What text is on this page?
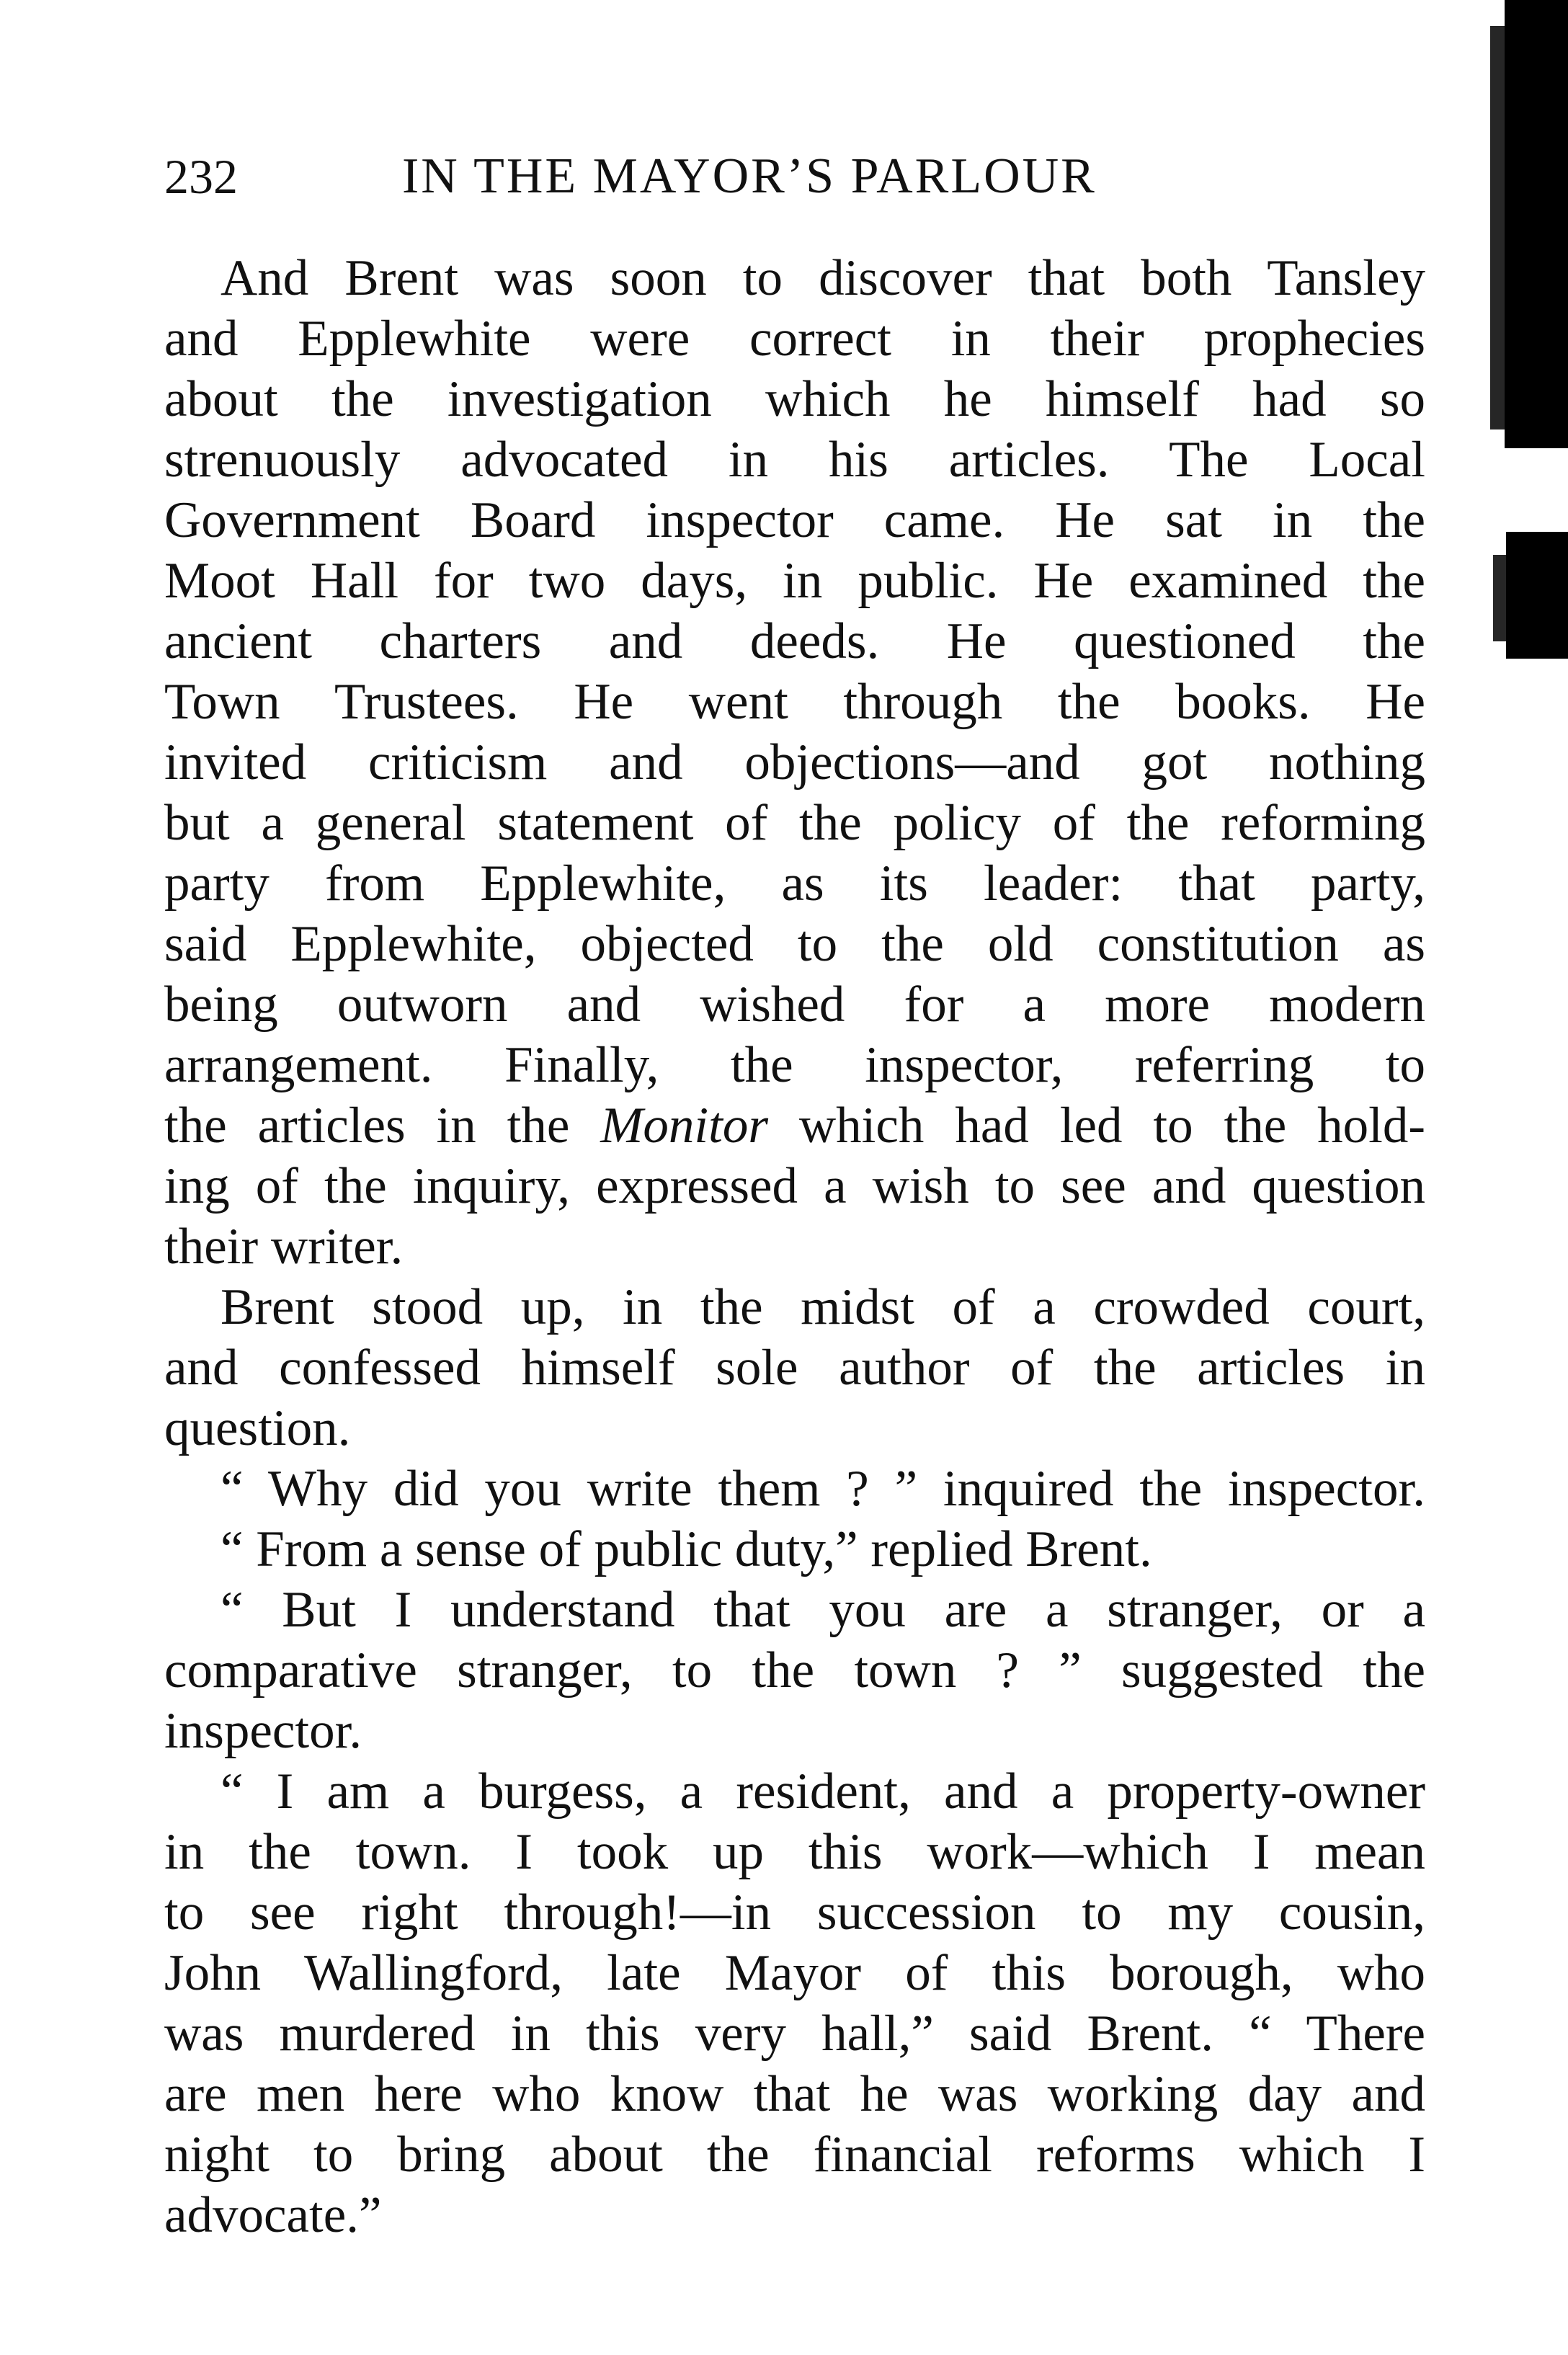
232	IN THE MAYOR’S PARLOUR
And Brent was soon to discover that both Tansley
and Epplewhite were correct in their prophecies
about the investigation which he himself had so
strenuously advocated in his articles. The Local
Government Board inspector came. He sat in the
Moot Hall for two days, in public. He examined the
ancient charters and deeds. He questioned the
Town Trustees. He went through the books. He
invited criticism and objections—and got nothing
but a general statement of the policy of the reforming
party from Epplewhite, as its leader: that party,
said Epplewhite, objected to the old constitution as
being outworn and wished for a more modern
arrangement. Finally, the inspector, referring to
the articles in the Monitor which had led to the hold-
ing of the inquiry, expressed a wish to see and question
their writer.
Brent stood up, in the midst of a crowded court,
and confessed himself sole author of the articles in
question.
“ Why did you write them ? ” inquired the inspector.
“ From a sense of public duty,” replied Brent.
“ But I understand that you are a stranger, or a
comparative stranger, to the town ? ” suggested the
inspector.
“ I am a burgess, a resident, and a property-owner
in the town. I took up this work—which I mean
to see right through!—in succession to my cousin,
John Wallingford, late Mayor of this borough, who
was murdered in this very hall,” said Brent. “ There
are men here who know that he was working day and
night to bring about the financial reforms which I
advocate.”
